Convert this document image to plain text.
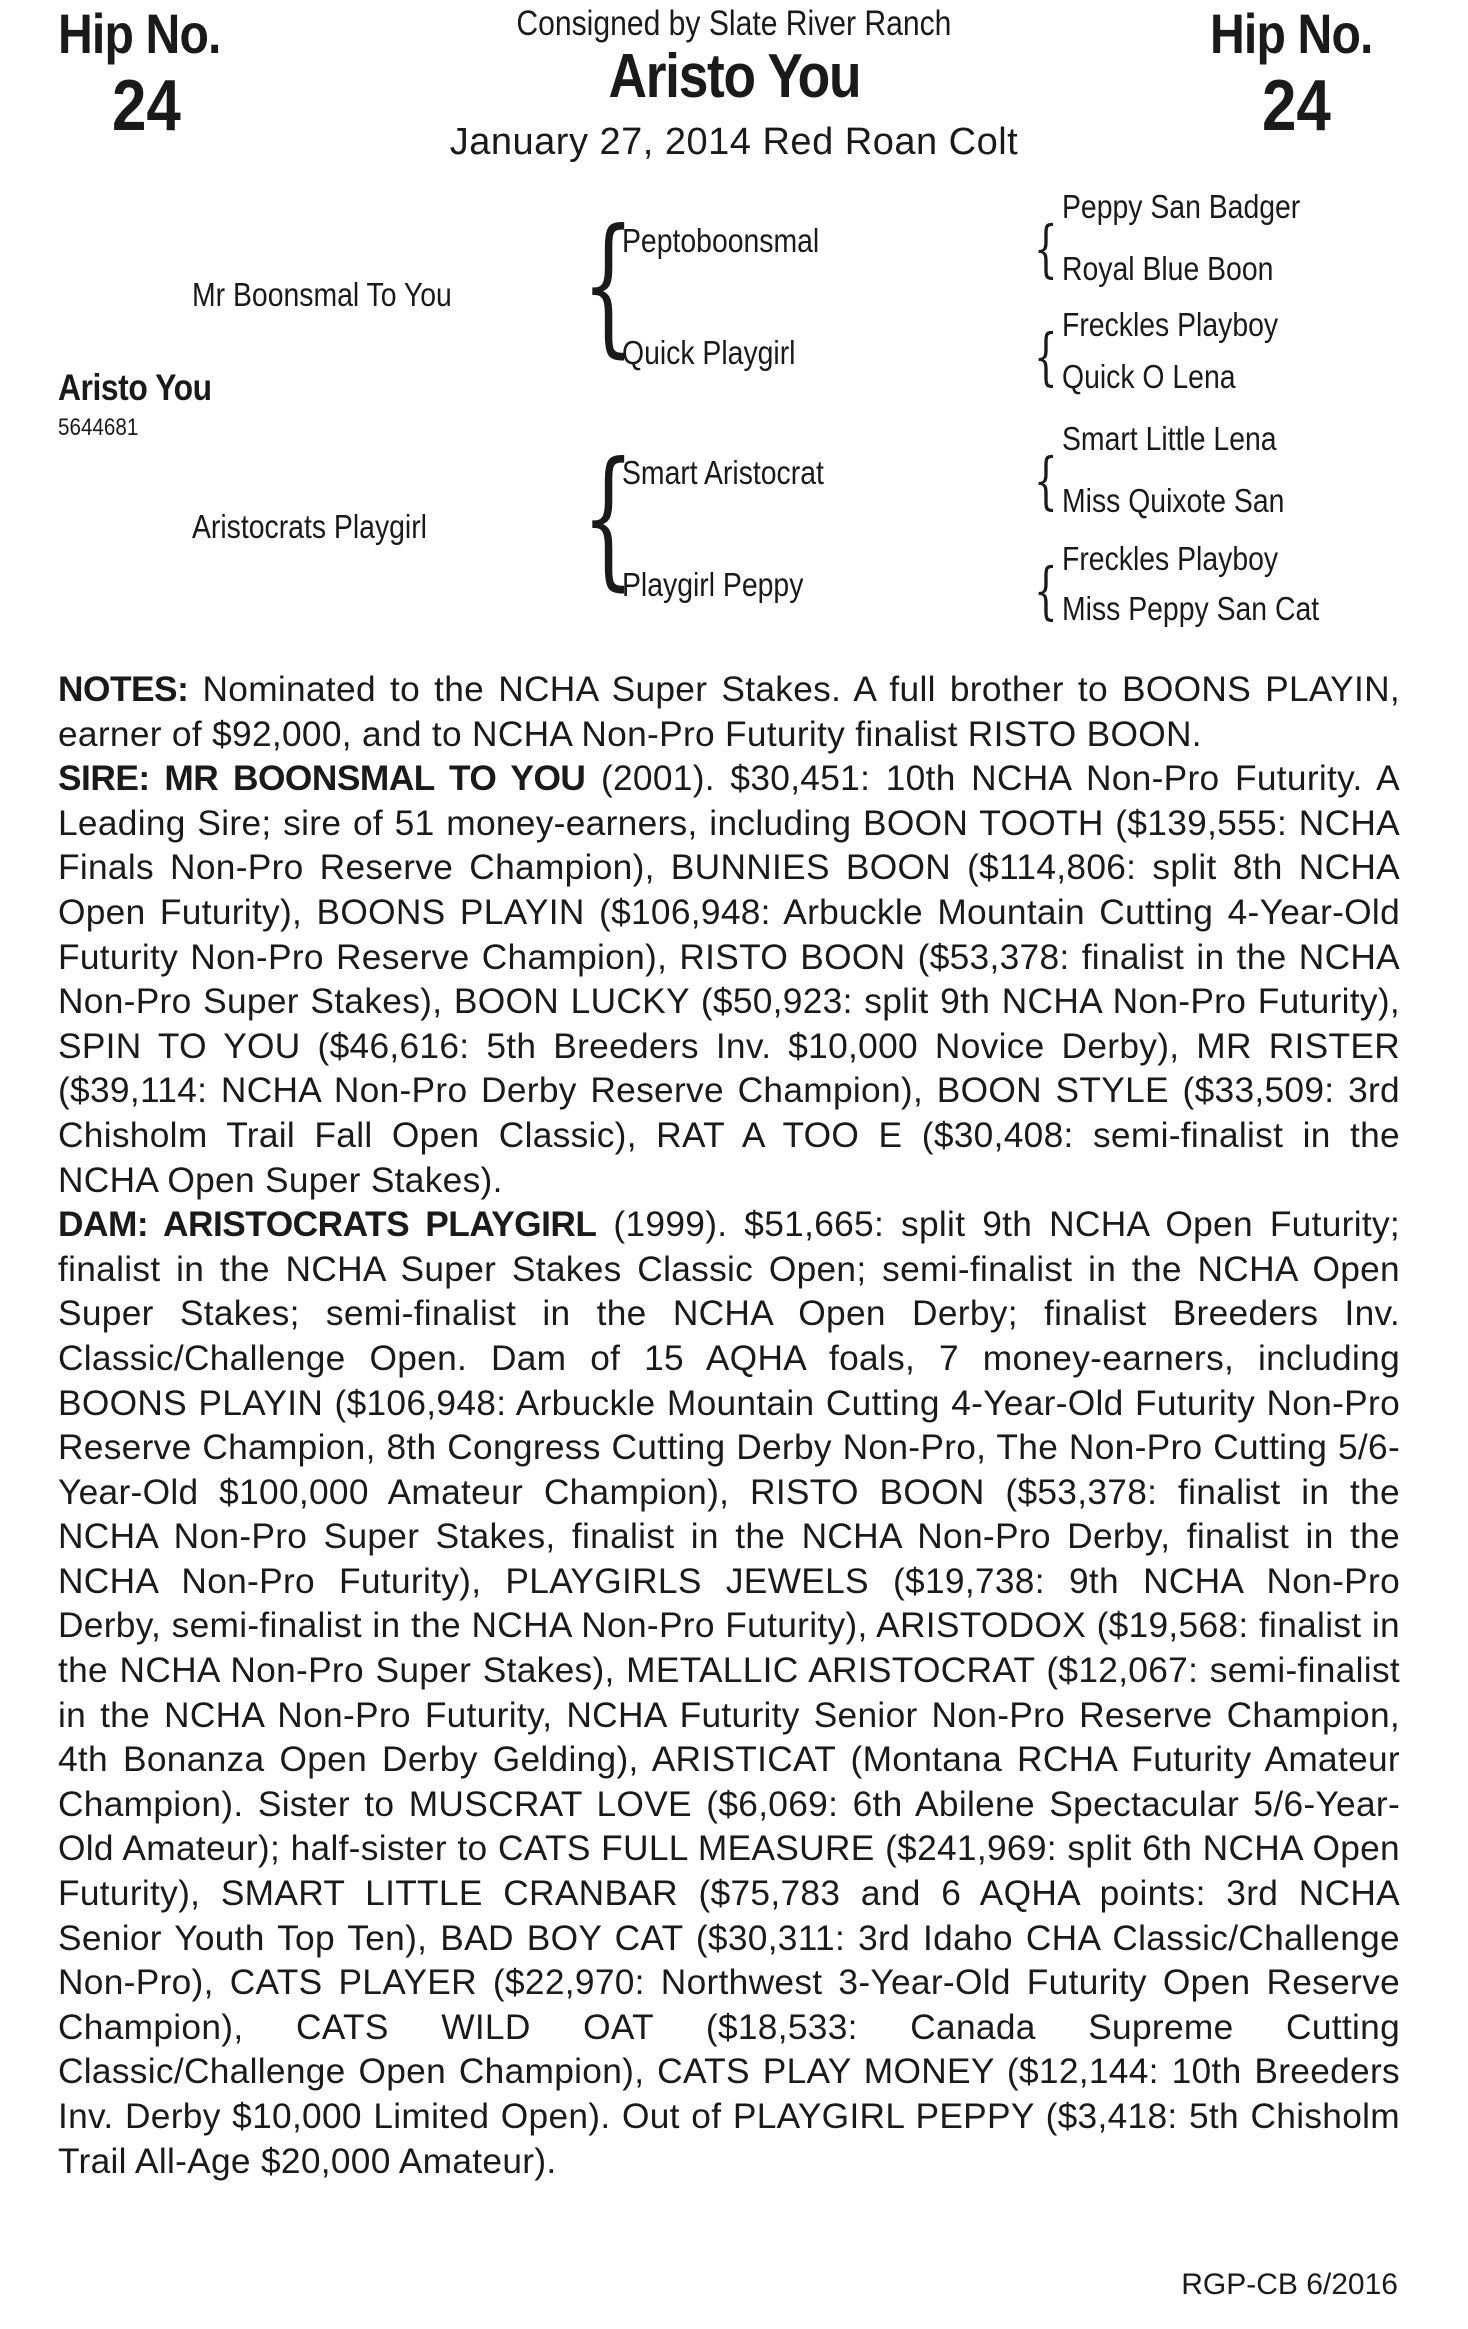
Hip No.
24
Hip No.
24
Consigned by Slate River Ranch
Aristo You
January 27, 2014 Red Roan Colt
Aristo You
5644681
Mr Boonsmal To You
Aristocrats Playgirl
{
{
Peptoboonsmal
Quick Playgirl
Smart Aristocrat
Playgirl Peppy
{
{
{
{
Peppy San Badger
Royal Blue Boon
Freckles Playboy
Quick O Lena
Smart Little Lena
Miss Quixote San
Freckles Playboy
Miss Peppy San Cat

NOTES: Nominated to the NCHA Super Stakes. A full brother to BOONS PLAYIN, earner of $92,000, and to NCHA Non-Pro Futurity finalist RISTO BOON.

SIRE: MR BOONSMAL TO YOU (2001). $30,451: 10th NCHA Non-Pro Futurity. A Leading Sire; sire of 51 money-earners, including BOON TOOTH ($139,555: NCHA Finals Non-Pro Reserve Champion), BUNNIES BOON ($114,806: split 8th NCHA Open Futurity), BOONS PLAYIN ($106,948: Arbuckle Mountain Cutting 4-Year-Old Futurity Non-Pro Reserve Champion), RISTO BOON ($53,378: finalist in the NCHA Non-Pro Super Stakes), BOON LUCKY ($50,923: split 9th NCHA Non-Pro Futurity), SPIN TO YOU ($46,616: 5th Breeders Inv. $10,000 Novice Derby), MR RISTER ($39,114: NCHA Non-Pro Derby Reserve Champion), BOON STYLE ($33,509: 3rd Chisholm Trail Fall Open Classic), RAT A TOO E ($30,408: semi-finalist in the NCHA Open Super Stakes).

DAM: ARISTOCRATS PLAYGIRL (1999). $51,665: split 9th NCHA Open Futurity; finalist in the NCHA Super Stakes Classic Open; semi-finalist in the NCHA Open Super Stakes; semi-finalist in the NCHA Open Derby; finalist Breeders Inv. Classic/Challenge Open. Dam of 15 AQHA foals, 7 money-earners, including BOONS PLAYIN ($106,948: Arbuckle Mountain Cutting 4-Year-Old Futurity Non-Pro Reserve Champion, 8th Congress Cutting Derby Non-Pro, The Non-Pro Cutting 5/6-Year-Old $100,000 Amateur Champion), RISTO BOON ($53,378: finalist in the NCHA Non-Pro Super Stakes, finalist in the NCHA Non-Pro Derby, finalist in the NCHA Non-Pro Futurity), PLAYGIRLS JEWELS ($19,738: 9th NCHA Non-Pro Derby, semi-finalist in the NCHA Non-Pro Futurity), ARISTODOX ($19,568: finalist in the NCHA Non-Pro Super Stakes), METALLIC ARISTOCRAT ($12,067: semi-finalist in the NCHA Non-Pro Futurity, NCHA Futurity Senior Non-Pro Reserve Champion, 4th Bonanza Open Derby Gelding), ARISTICAT (Montana RCHA Futurity Amateur Champion). Sister to MUSCRAT LOVE ($6,069: 6th Abilene Spectacular 5/6-Year-Old Amateur); half-sister to CATS FULL MEASURE ($241,969: split 6th NCHA Open Futurity), SMART LITTLE CRANBAR ($75,783 and 6 AQHA points: 3rd NCHA Senior Youth Top Ten), BAD BOY CAT ($30,311: 3rd Idaho CHA Classic/Challenge Non-Pro), CATS PLAYER ($22,970: Northwest 3-Year-Old Futurity Open Reserve Champion), CATS WILD OAT ($18,533: Canada Supreme Cutting Classic/Challenge Open Champion), CATS PLAY MONEY ($12,144: 10th Breeders Inv. Derby $10,000 Limited Open). Out of PLAYGIRL PEPPY ($3,418: 5th Chisholm Trail All-Age $20,000 Amateur).

RGP-CB 6/2016
